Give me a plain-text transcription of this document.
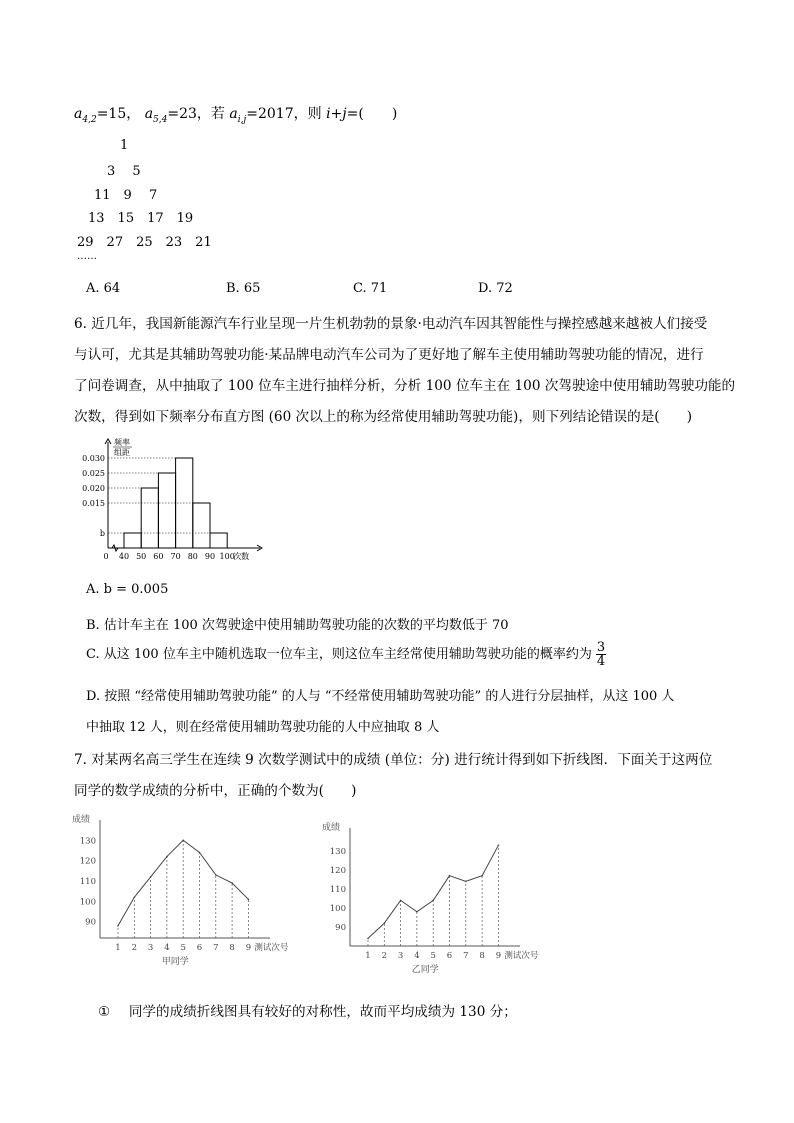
$a_{4,2}=15$， $a_{5,4}=23$，若 $a_{i,j}=2017$，则 i+j=(　　)
1
3　 5
11　9　 7
13　15　17　19
29　27　25　23　21
……
A. 64	B. 65	C. 71	D. 72
6. 近几年，我国新能源汽车行业呈现一片生机勃勃的景象·电动汽车因其智能性与操控感越来越被人们接受
与认可，尤其是其辅助驾驶功能·某品牌电动汽车公司为了更好地了解车主使用辅助驾驶功能的情况，进行
了问卷调查，从中抽取了 100 位车主进行抽样分析，分析 100 位车主在 100 次驾驶途中使用辅助驾驶功能的
次数，得到如下频率分布直方图 (60 次以上的称为经常使用辅助驾驶功能)，则下列结论错误的是(　　)
频率
组距
b
0.015
0.020
0.025
0.030
0 40 50 60 70 80 90 100
次数
A. b = 0.005
B. 估计车主在 100 次驾驶途中使用辅助驾驶功能的次数的平均数低于 70
C. 从这 100 位车主中随机选取一位车主，则这位车主经常使用辅助驾驶功能的概率约为 $\frac{3}{4}$
D. 按照 “经常使用辅助驾驶功能” 的人与 “不经常使用辅助驾驶功能” 的人进行分层抽样，从这 100 人
中抽取 12 人，则在经常使用辅助驾驶功能的人中应抽取 8 人
7. 对某两名高三学生在连续 9 次数学测试中的成绩 (单位：分) 进行统计得到如下折线图．下面关于这两位
同学的数学成绩的分析中，正确的个数为(　　)
成绩
90
100
110
120
130
1 2 3 4 5 6 7 8 9 测试次号
甲同学
成绩
90
100
110
120
130
1 2 3 4 5 6 7 8 9 测试次号
乙同学
① 同学的成绩折线图具有较好的对称性，故而平均成绩为 130 分；
